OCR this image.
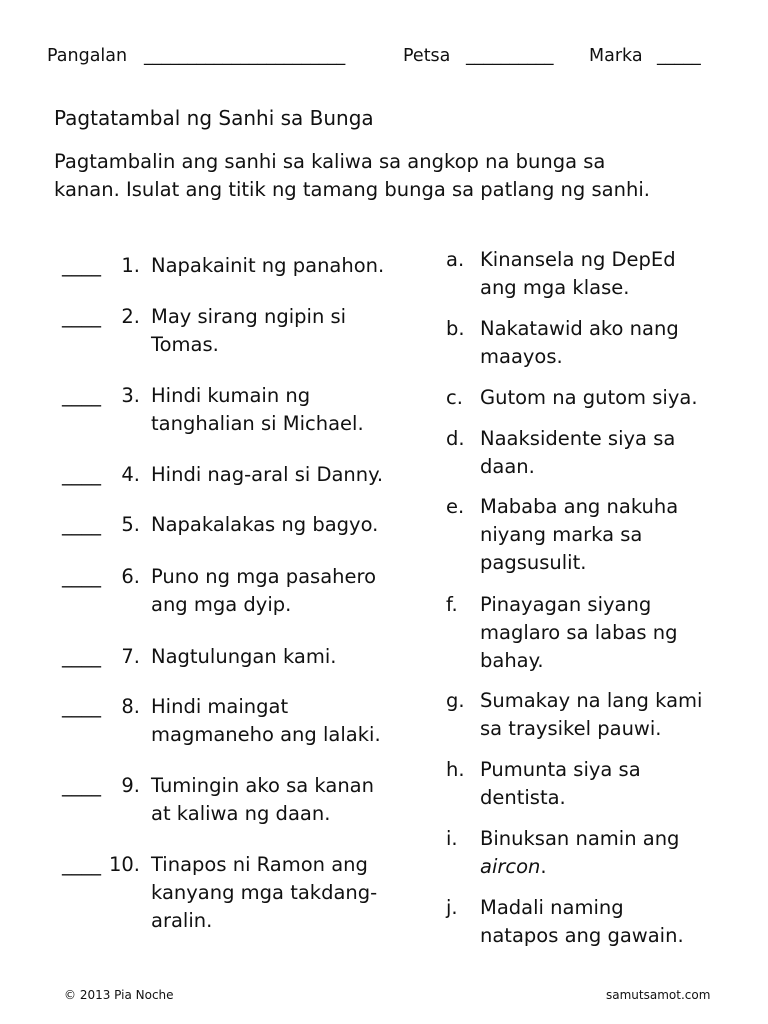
Pangalan _______________________	Petsa __________ Marka _____
Pagtatambal ng Sanhi sa Bunga
Pagtambalin ang sanhi sa kaliwa sa angkop na bunga sa
kanan. Isulat ang titik ng tamang bunga sa patlang ng sanhi.
____	1. Napakainit ng panahon.
____	2. May sirang ngipin si
Tomas.
____	3. Hindi kumain ng
tanghalian si Michael.
____	4. Hindi nag-aral si Danny.
____	5. Napakalakas ng bagyo.
____	6. Puno ng mga pasahero
ang mga dyip.
____	7. Nagtulungan kami.
____	8. Hindi maingat
magmaneho ang lalaki.
____	9. Tumingin ako sa kanan
at kaliwa ng daan.
____ 10. Tinapos ni Ramon ang
kanyang mga takdang-
aralin.
a. Kinansela ng DepEd
ang mga klase.
b. Nakatawid ako nang
maayos.
c. Gutom na gutom siya.
d. Naaksidente siya sa
daan.
e. Mababa ang nakuha
niyang marka sa
pagsusulit.
f. Pinayagan siyang
maglaro sa labas ng
bahay.
g. Sumakay na lang kami
sa traysikel pauwi.
h. Pumunta siya sa
dentista.
i. Binuksan namin ang
aircon.
j. Madali naming
natapos ang gawain.
© 2013 Pia Noche	samutsamot.com
